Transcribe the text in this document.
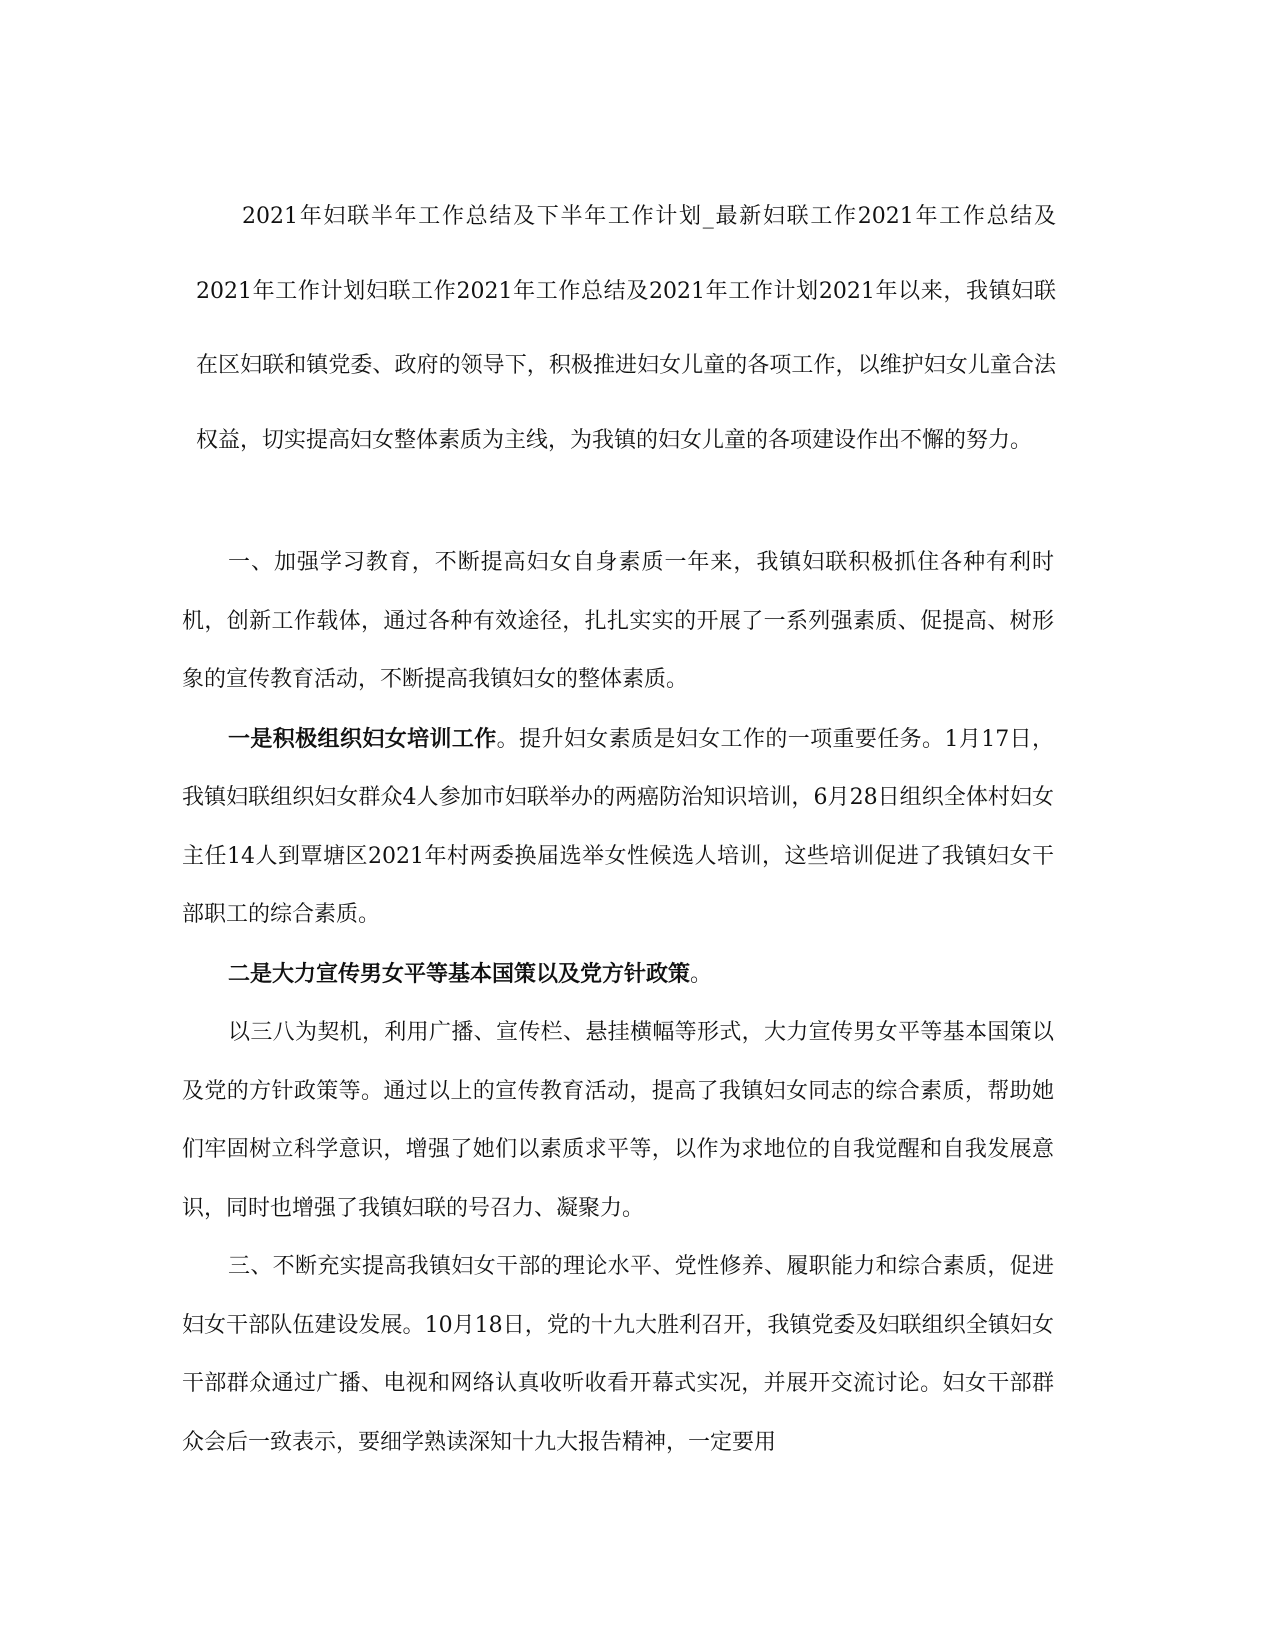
2021年妇联半年工作总结及下半年工作计划_最新妇联工作2021年工作总结及2021年工作计划妇联工作2021年工作总结及2021年工作计划2021年以来，我镇妇联在区妇联和镇党委、政府的领导下，积极推进妇女儿童的各项工作，以维护妇女儿童合法权益，切实提高妇女整体素质为主线，为我镇的妇女儿童的各项建设作出不懈的努力。

一、加强学习教育，不断提高妇女自身素质一年来，我镇妇联积极抓住各种有利时机，创新工作载体，通过各种有效途径，扎扎实实的开展了一系列强素质、促提高、树形象的宣传教育活动，不断提高我镇妇女的整体素质。

一是积极组织妇女培训工作。提升妇女素质是妇女工作的一项重要任务。1月17日，我镇妇联组织妇女群众4人参加市妇联举办的两癌防治知识培训，6月28日组织全体村妇女主任14人到覃塘区2021年村两委换届选举女性候选人培训，这些培训促进了我镇妇女干部职工的综合素质。

二是大力宣传男女平等基本国策以及党方针政策。

以三八为契机，利用广播、宣传栏、悬挂横幅等形式，大力宣传男女平等基本国策以及党的方针政策等。通过以上的宣传教育活动，提高了我镇妇女同志的综合素质，帮助她们牢固树立科学意识，增强了她们以素质求平等，以作为求地位的自我觉醒和自我发展意识，同时也增强了我镇妇联的号召力、凝聚力。

三、不断充实提高我镇妇女干部的理论水平、党性修养、履职能力和综合素质，促进妇女干部队伍建设发展。10月18日，党的十九大胜利召开，我镇党委及妇联组织全镇妇女干部群众通过广播、电视和网络认真收听收看开幕式实况，并展开交流讨论。妇女干部群众会后一致表示，要细学熟读深知十九大报告精神，一定要用
